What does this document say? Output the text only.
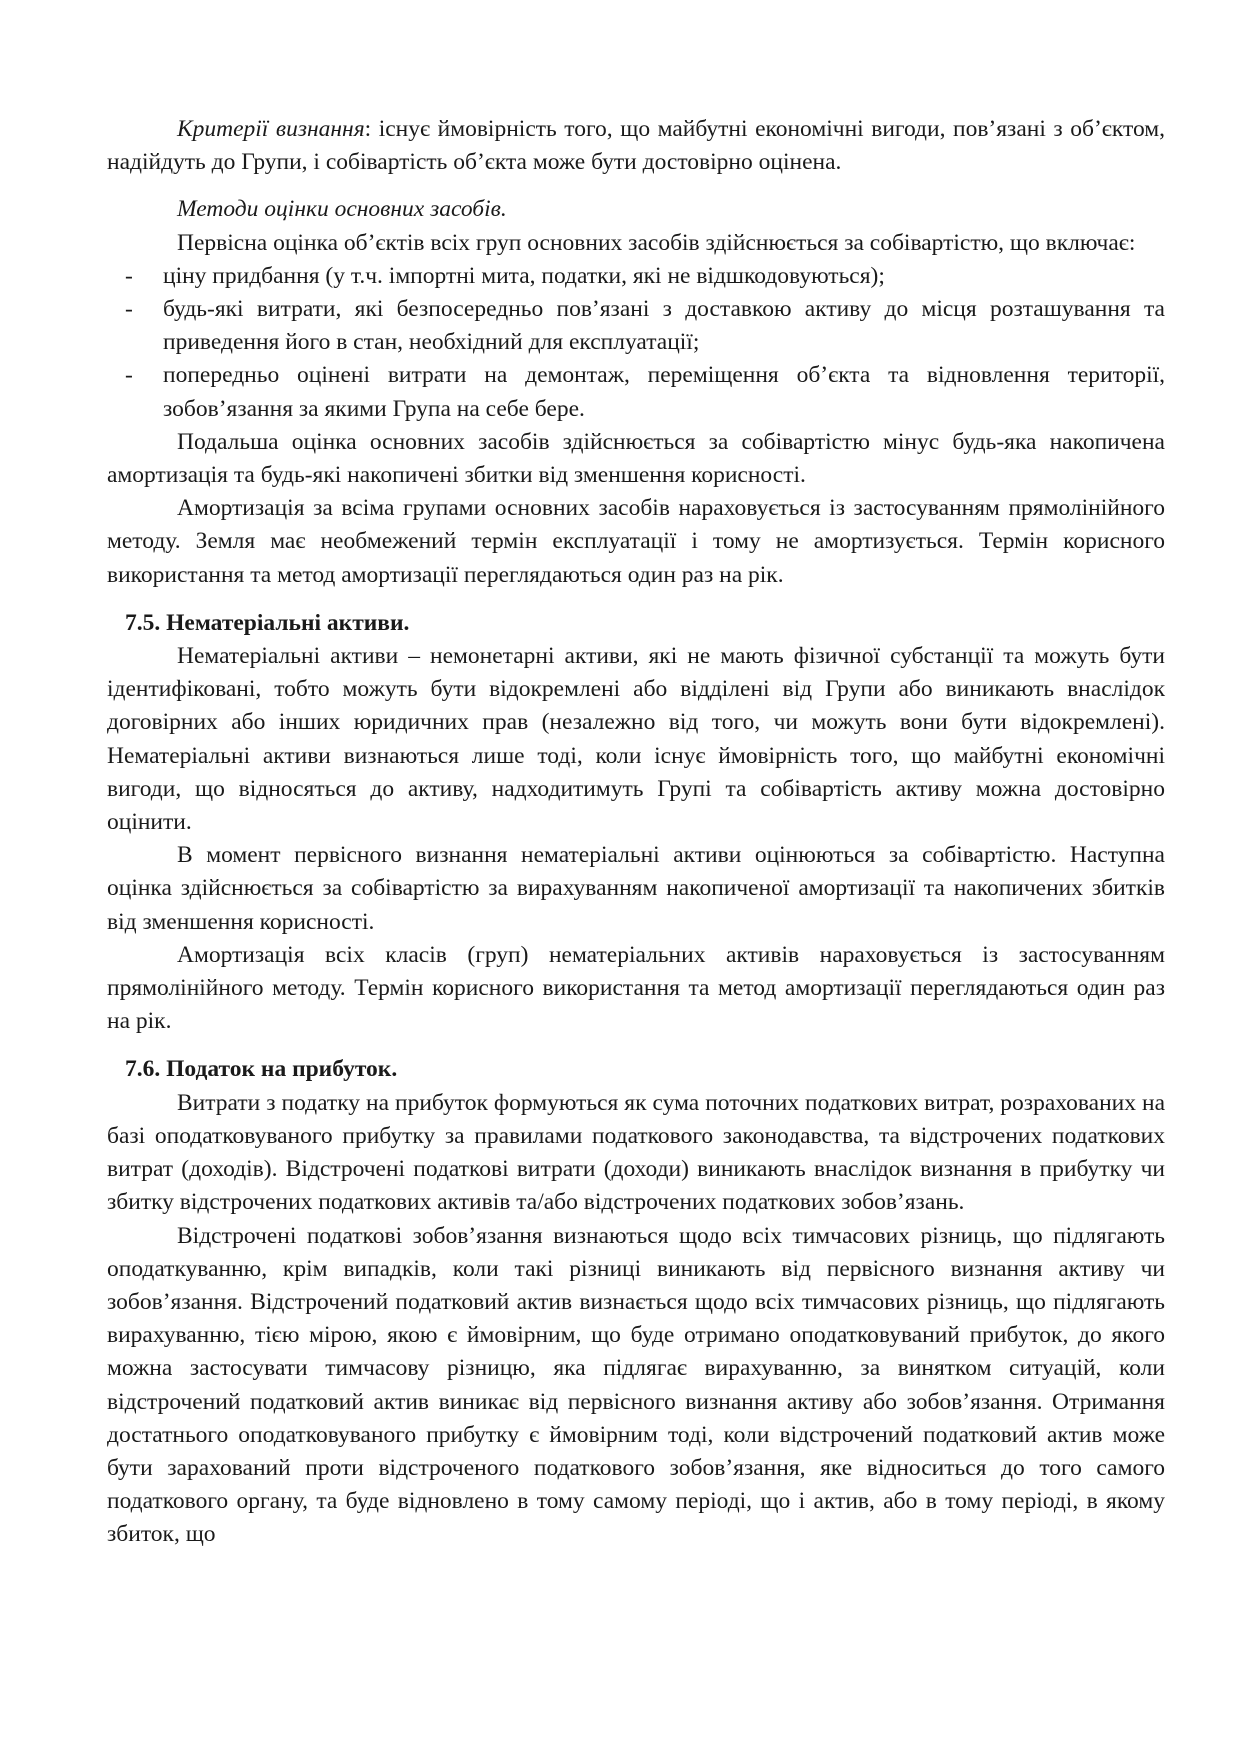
Критерії визнання: існує ймовірність того, що майбутні економічні вигоди, пов’язані з об’єктом, надійдуть до Групи, і собівартість об’єкта може бути достовірно оцінена.

Методи оцінки основних засобів.

Первісна оцінка об’єктів всіх груп основних засобів здійснюється за собівартістю, що включає:

- ціну придбання (у т.ч. імпортні мита, податки, які не відшкодовуються);

- будь-які витрати, які безпосередньо пов’язані з доставкою активу до місця розташування та приведення його в стан, необхідний для експлуатації;

- попередньо оцінені витрати на демонтаж, переміщення об’єкта та відновлення території, зобов’язання за якими Група на себе бере.

Подальша оцінка основних засобів здійснюється за собівартістю мінус будь-яка накопичена амортизація та будь-які накопичені збитки від зменшення корисності.

Амортизація за всіма групами основних засобів нараховується із застосуванням прямолінійного методу. Земля має необмежений термін експлуатації і тому не амортизується. Термін корисного використання та метод амортизації переглядаються один раз на рік.

7.5. Нематеріальні активи.

Нематеріальні активи – немонетарні активи, які не мають фізичної субстанції та можуть бути ідентифіковані, тобто можуть бути відокремлені або відділені від Групи або виникають внаслідок договірних або інших юридичних прав (незалежно від того, чи можуть вони бути відокремлені). Нематеріальні активи визнаються лише тоді, коли існує ймовірність того, що майбутні економічні вигоди, що відносяться до активу, надходитимуть Групі та собівартість активу можна достовірно оцінити.

В момент первісного визнання нематеріальні активи оцінюються за собівартістю. Наступна оцінка здійснюється за собівартістю за вирахуванням накопиченої амортизації та накопичених збитків від зменшення корисності.

Амортизація всіх класів (груп) нематеріальних активів нараховується із застосуванням прямолінійного методу. Термін корисного використання та метод амортизації переглядаються один раз на рік.

7.6. Податок на прибуток.

Витрати з податку на прибуток формуються як сума поточних податкових витрат, розрахованих на базі оподатковуваного прибутку за правилами податкового законодавства, та відстрочених податкових витрат (доходів). Відстрочені податкові витрати (доходи) виникають внаслідок визнання в прибутку чи збитку відстрочених податкових активів та/або відстрочених податкових зобов’язань.

Відстрочені податкові зобов’язання визнаються щодо всіх тимчасових різниць, що підлягають оподаткуванню, крім випадків, коли такі різниці виникають від первісного визнання активу чи зобов’язання. Відстрочений податковий актив визнається щодо всіх тимчасових різниць, що підлягають вирахуванню, тією мірою, якою є ймовірним, що буде отримано оподатковуваний прибуток, до якого можна застосувати тимчасову різницю, яка підлягає вирахуванню, за винятком ситуацій, коли відстрочений податковий актив виникає від первісного визнання активу або зобов’язання. Отримання достатнього оподатковуваного прибутку є ймовірним тоді, коли відстрочений податковий актив може бути зарахований проти відстроченого податкового зобов’язання, яке відноситься до того самого податкового органу, та буде відновлено в тому самому періоді, що і актив, або в тому періоді, в якому збиток, що
